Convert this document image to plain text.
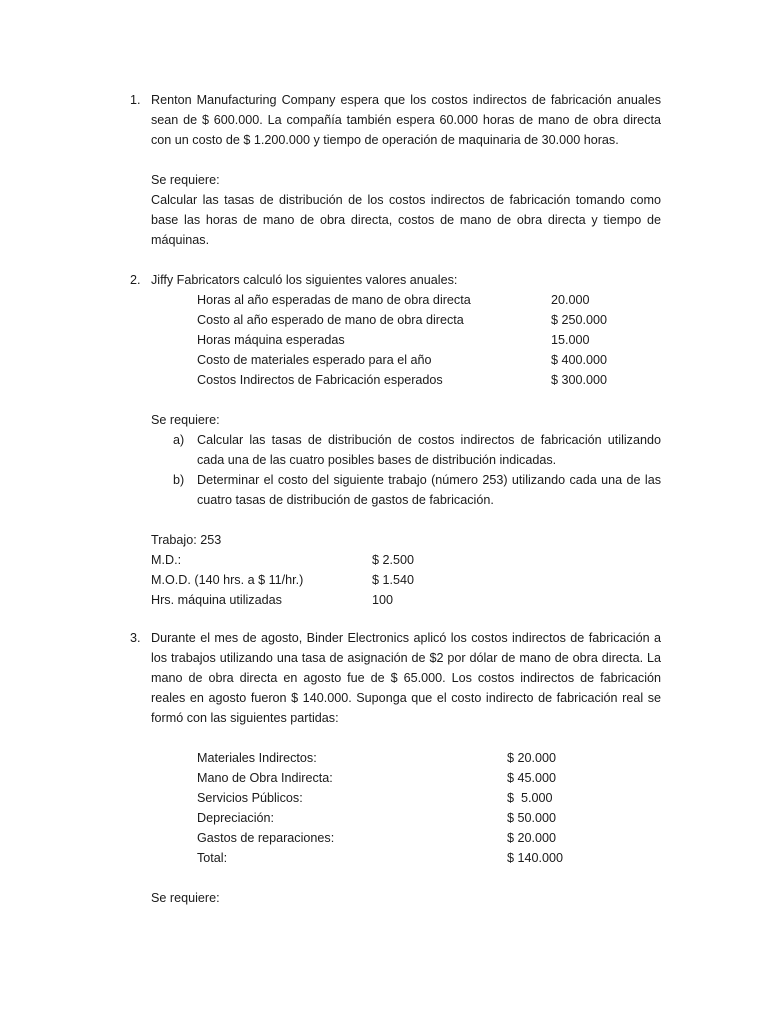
1. Renton Manufacturing Company espera que los costos indirectos de fabricación anuales
sean de $ 600.000. La compañía también espera 60.000 horas de mano de obra directa
con un costo de $ 1.200.000 y tiempo de operación de maquinaria de 30.000 horas.
Se requiere:
Calcular las tasas de distribución de los costos indirectos de fabricación tomando como
base las horas de mano de obra directa, costos de mano de obra directa y tiempo de
máquinas.
2. Jiffy Fabricators calculó los siguientes valores anuales:
Horas al año esperadas de mano de obra directa	20.000
Costo al año esperado de mano de obra directa	$ 250.000
Horas máquina esperadas	15.000
Costo de materiales esperado para el año	$ 400.000
Costos Indirectos de Fabricación esperados	$ 300.000
Se requiere:
a) Calcular las tasas de distribución de costos indirectos de fabricación utilizando
cada una de las cuatro posibles bases de distribución indicadas.
b) Determinar el costo del siguiente trabajo (número 253) utilizando cada una de las
cuatro tasas de distribución de gastos de fabricación.
Trabajo: 253
M.D.:	$ 2.500
M.O.D. (140 hrs. a $ 11/hr.)	$ 1.540
Hrs. máquina utilizadas	100
3. Durante el mes de agosto, Binder Electronics aplicó los costos indirectos de fabricación a
los trabajos utilizando una tasa de asignación de $2 por dólar de mano de obra directa. La
mano de obra directa en agosto fue de $ 65.000. Los costos indirectos de fabricación
reales en agosto fueron $ 140.000. Suponga que el costo indirecto de fabricación real se
formó con las siguientes partidas:
Materiales Indirectos:	$ 20.000
Mano de Obra Indirecta:	$ 45.000
Servicios Públicos:	$  5.000
Depreciación:	$ 50.000
Gastos de reparaciones:	$ 20.000
Total:	$ 140.000
Se requiere:
